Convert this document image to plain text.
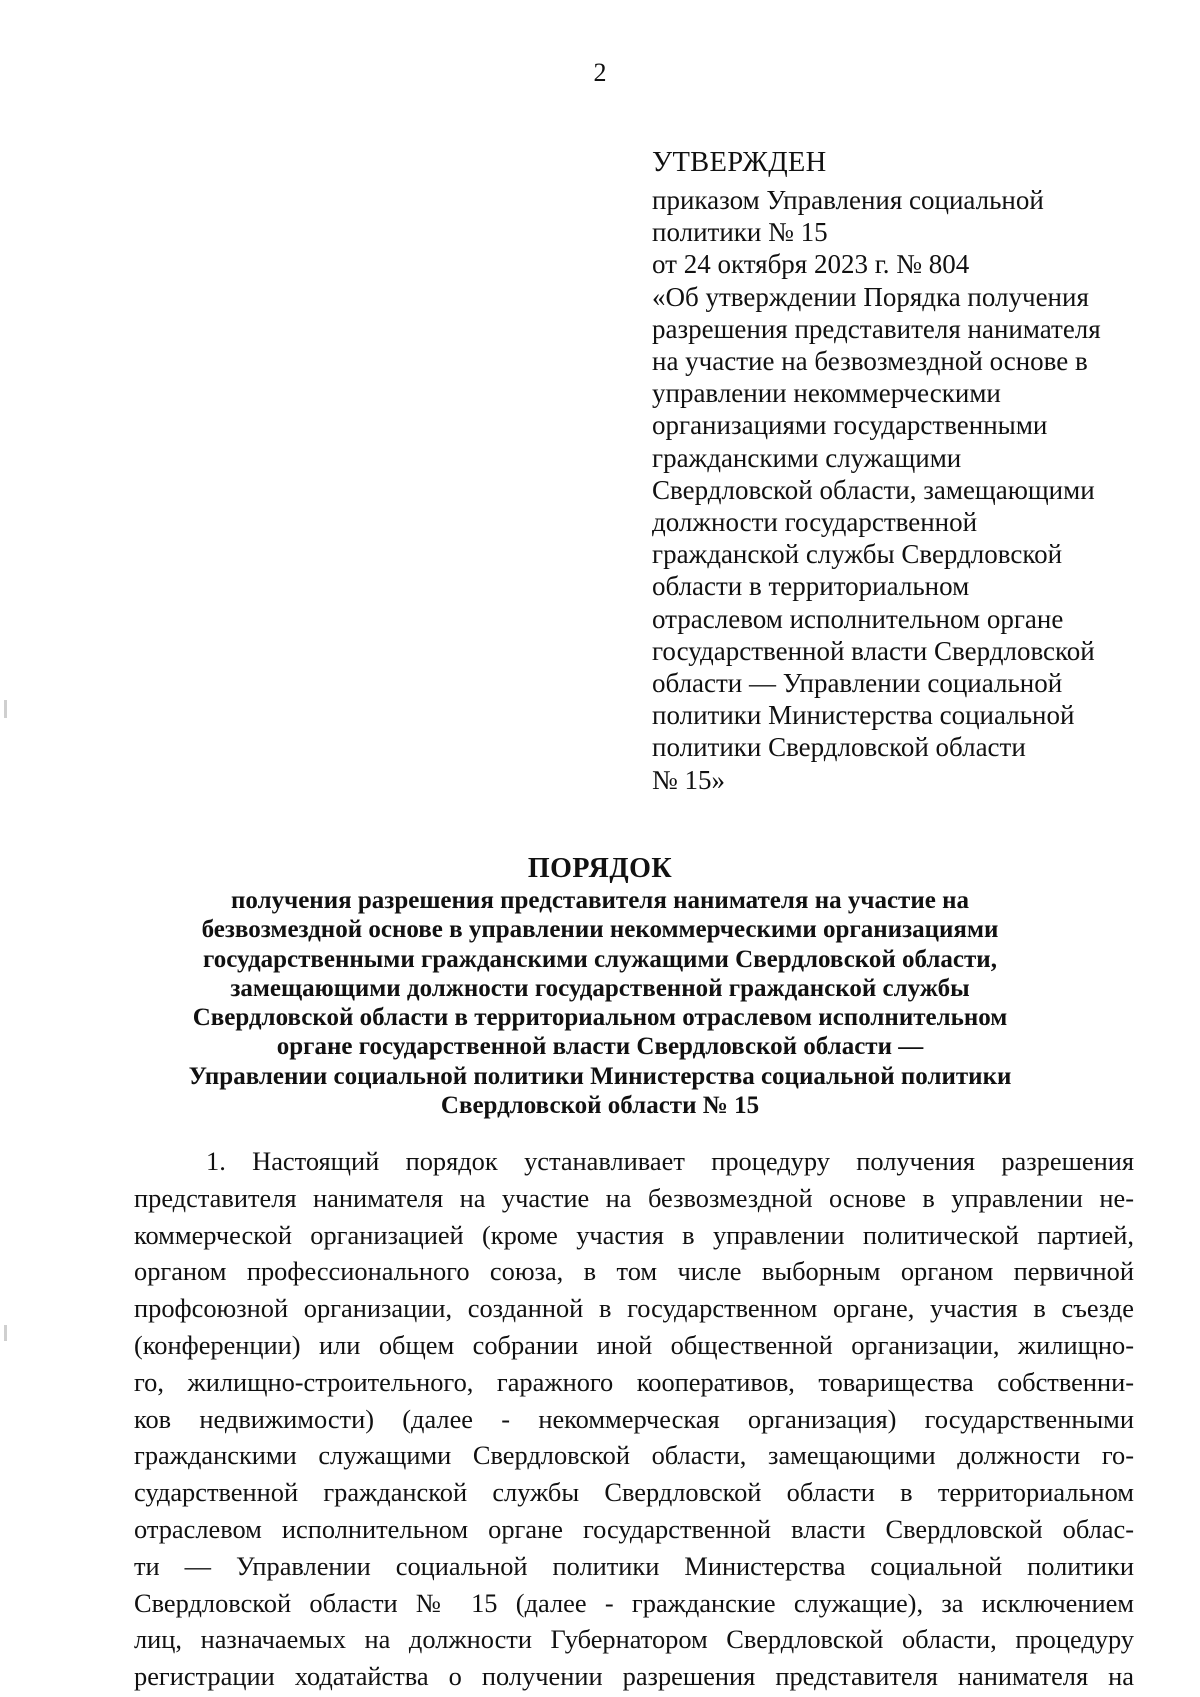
2
УТВЕРЖДЕН
приказом Управления социальной
политики № 15
от 24 октября 2023 г. № 804
«Об утверждении Порядка получения
разрешения представителя нанимателя
на участие на безвозмездной основе в
управлении некоммерческими
организациями государственными
гражданскими служащими
Свердловской области, замещающими
должности государственной
гражданской службы Свердловской
области в территориальном
отраслевом исполнительном органе
государственной власти Свердловской
области — Управлении социальной
политики Министерства социальной
политики Свердловской области
№ 15»
ПОРЯДОК
получения разрешения представителя нанимателя на участие на
безвозмездной основе в управлении некоммерческими организациями
государственными гражданскими служащими Свердловской области,
замещающими должности государственной гражданской службы
Свердловской области в территориальном отраслевом исполнительном
органе государственной власти Свердловской области —
Управлении социальной политики Министерства социальной политики
Свердловской области № 15
1. Настоящий порядок устанавливает процедуру получения разрешения
представителя нанимателя на участие на безвозмездной основе в управлении не-
коммерческой организацией (кроме участия в управлении политической партией,
органом профессионального союза, в том числе выборным органом первичной
профсоюзной организации, созданной в государственном органе, участия в съезде
(конференции) или общем собрании иной общественной организации, жилищно-
го, жилищно-строительного, гаражного кооперативов, товарищества собственни-
ков недвижимости) (далее - некоммерческая организация) государственными
гражданскими служащими Свердловской области, замещающими должности го-
сударственной гражданской службы Свердловской области в территориальном
отраслевом исполнительном органе государственной власти Свердловской облас-
ти — Управлении социальной политики Министерства социальной политики
Свердловской области № 15 (далее - гражданские служащие), за исключением
лиц, назначаемых на должности Губернатором Свердловской области, процедуру
регистрации ходатайства о получении разрешения представителя нанимателя на
